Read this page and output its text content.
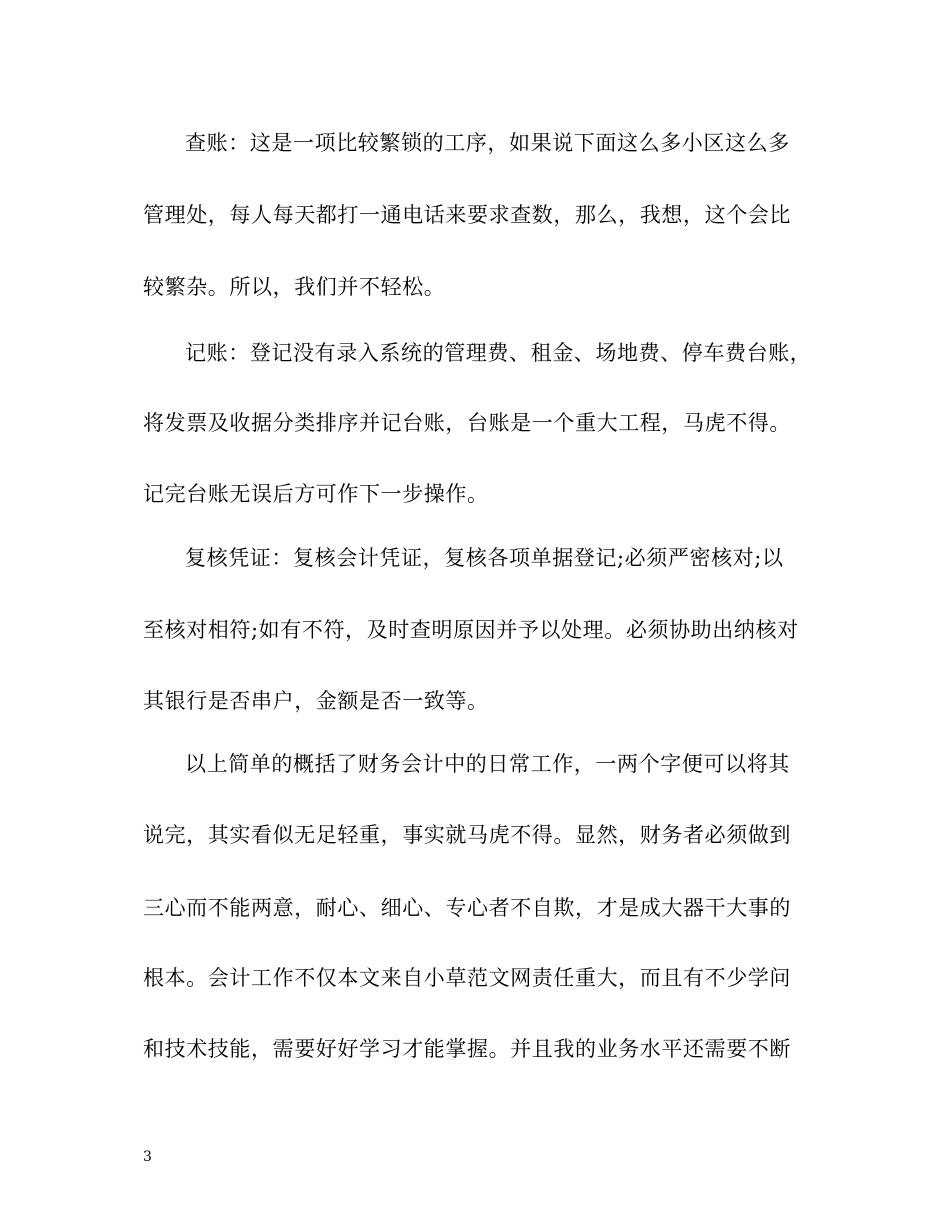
查账：这是一项比较繁锁的工序，如果说下面这么多小区这么多
管理处，每人每天都打一通电话来要求查数，那么，我想，这个会比
较繁杂。所以，我们并不轻松。
记账：登记没有录入系统的管理费、租金、场地费、停车费台账，
将发票及收据分类排序并记台账，台账是一个重大工程，马虎不得。
记完台账无误后方可作下一步操作。
复核凭证：复核会计凭证，复核各项单据登记;必须严密核对;以
至核对相符;如有不符，及时查明原因并予以处理。必须协助出纳核对
其银行是否串户，金额是否一致等。
以上简单的概括了财务会计中的日常工作，一两个字便可以将其
说完，其实看似无足轻重，事实就马虎不得。显然，财务者必须做到
三心而不能两意，耐心、细心、专心者不自欺，才是成大器干大事的
根本。会计工作不仅本文来自小草范文网责任重大，而且有不少学问
和技术技能，需要好好学习才能掌握。并且我的业务水平还需要不断
3
